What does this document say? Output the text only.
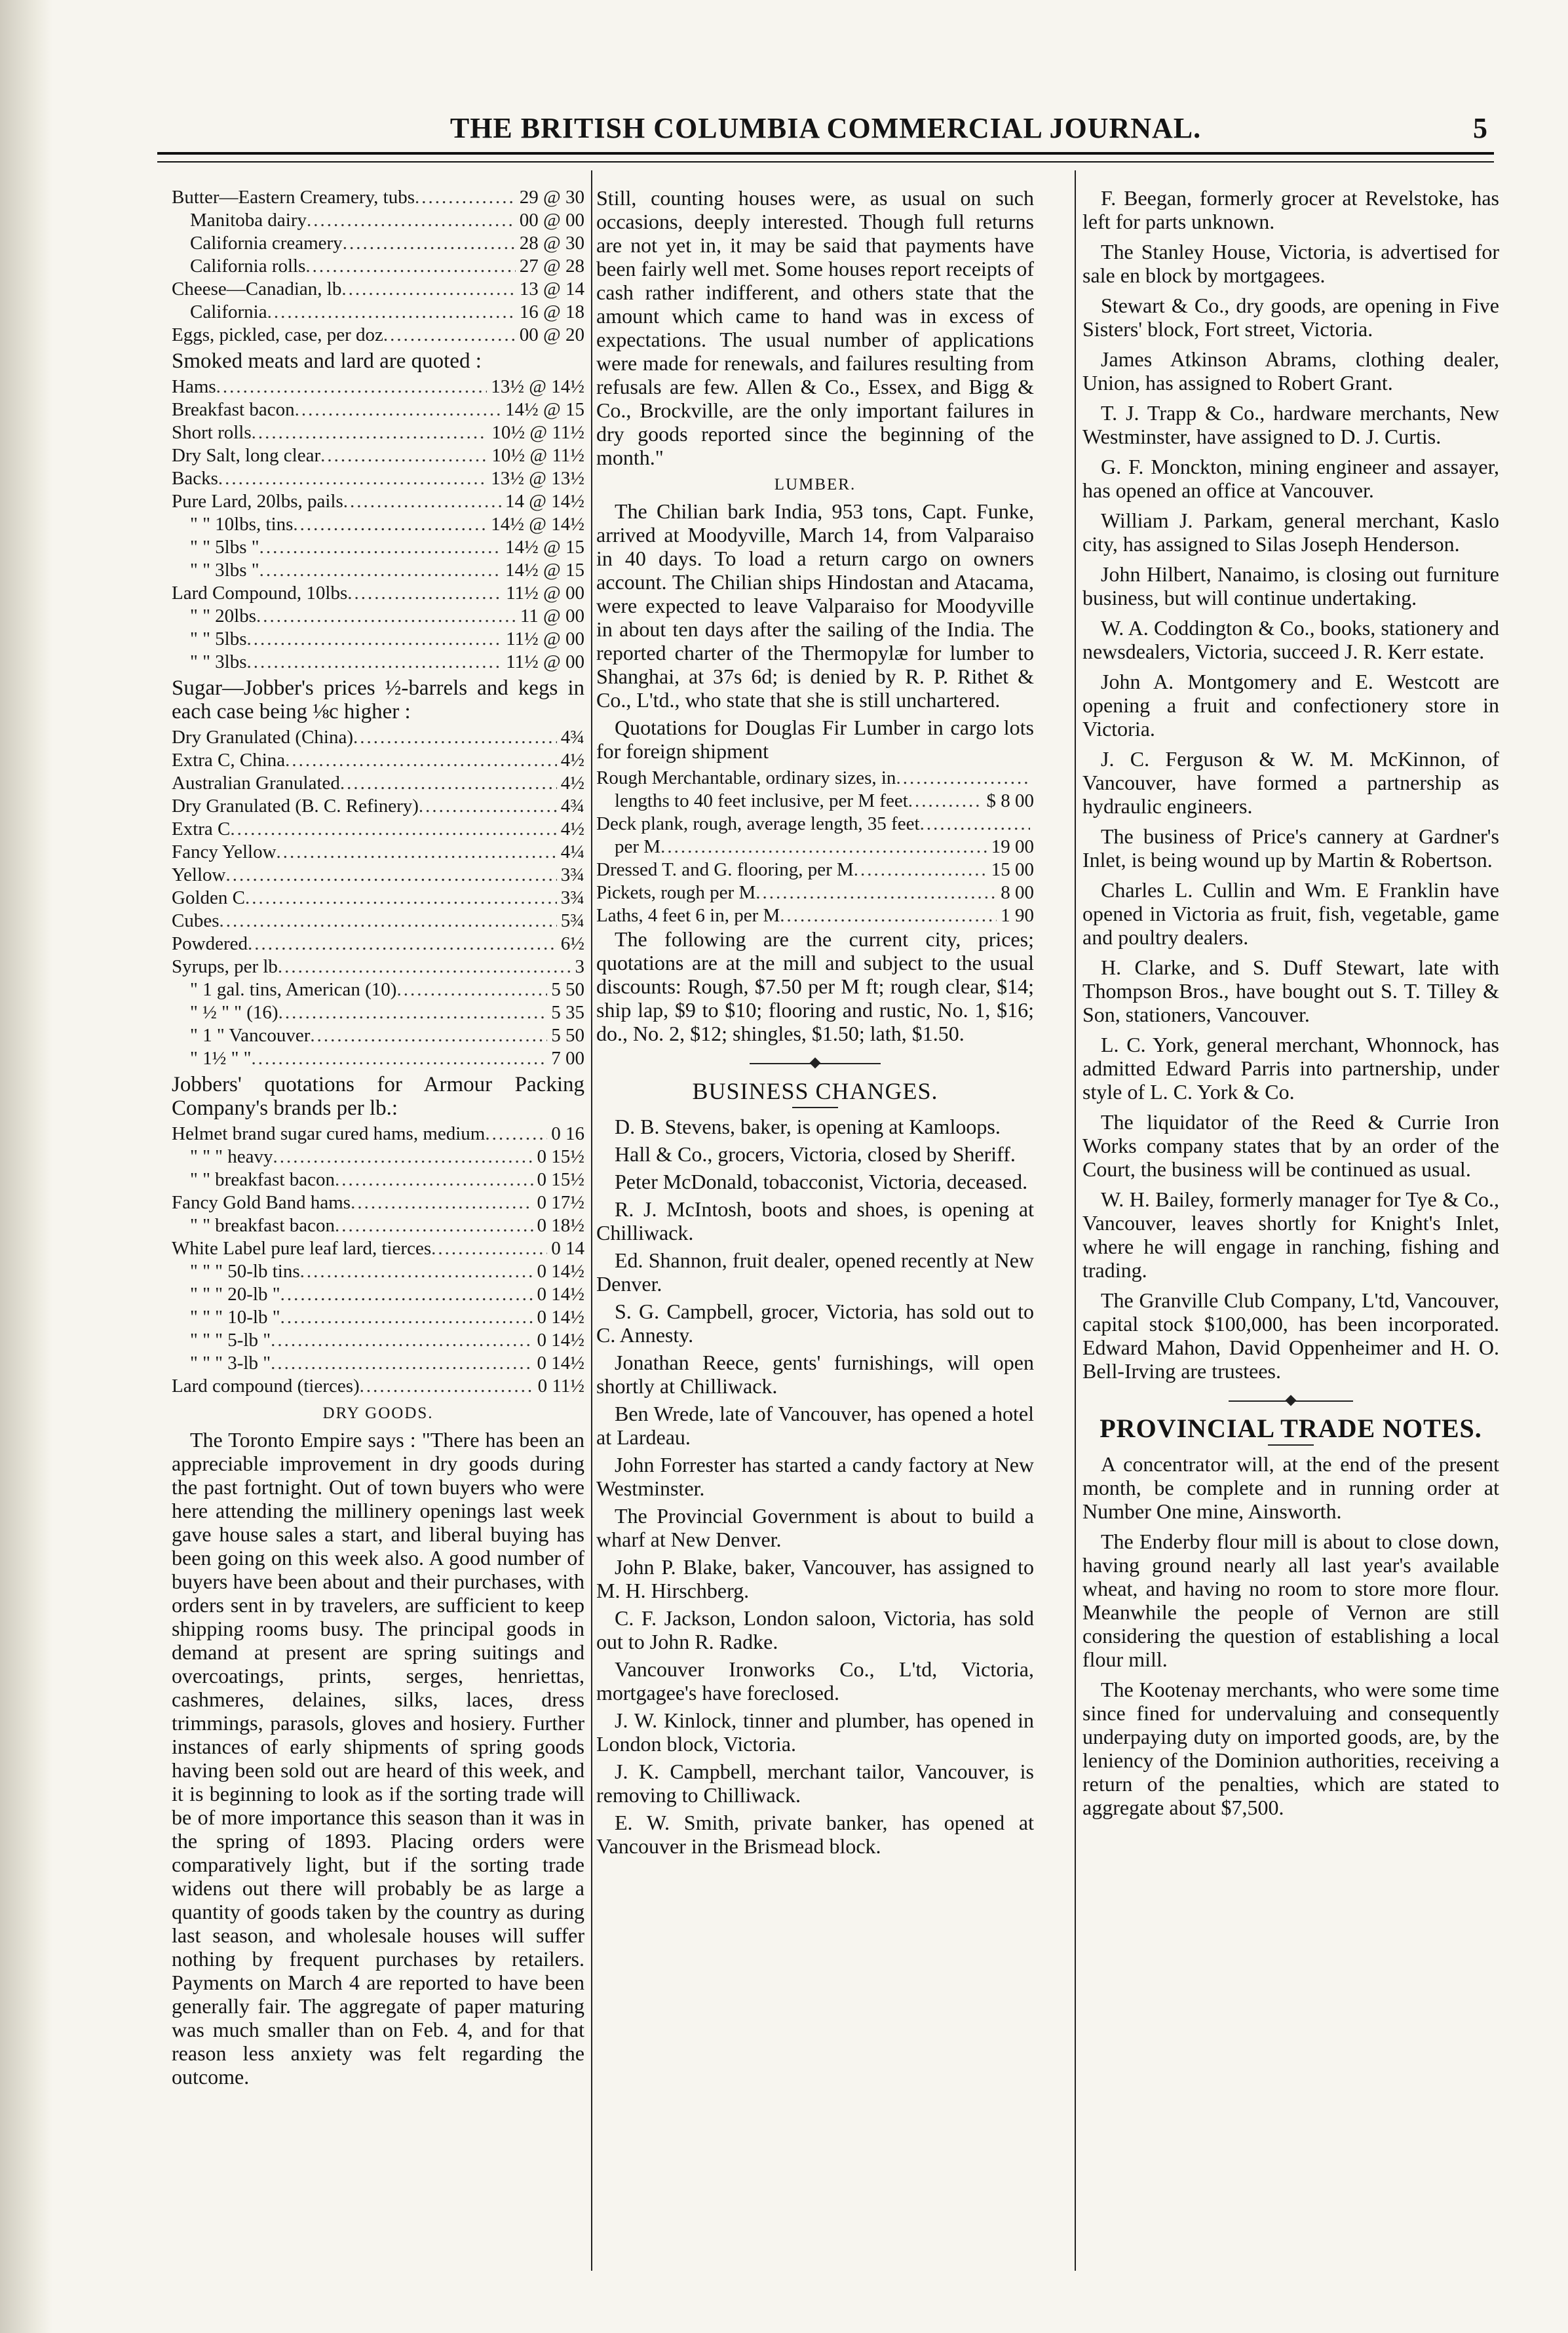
THE BRITISH COLUMBIA COMMERCIAL JOURNAL.	5
Butter—Eastern Creamery, tubs .....	29 @ 30
Manitoba dairy .....	00 @ 00
California creamery .....	28 @ 30
California rolls .....	27 @ 28
Cheese—Canadian, lb .....	13 @ 14
California .....	16 @ 18
Eggs, pickled, case, per doz .....	00 @ 20
Smoked meats and lard are quoted :
Hams .....	13½ @ 14½
Breakfast bacon .....	14½ @ 15
Short rolls .....	10½ @ 11½
Dry Salt, long clear .....	10½ @ 11½
Backs .....	13½ @ 13½
Pure Lard, 20lbs, pails .....	14 @ 14½
" " 10lbs, tins .....	14½ @ 14½
" " 5lbs " .....	14½ @ 15
" " 3lbs " .....	14½ @ 15
Lard Compound, 10lbs .....	11½ @ 00
" " 20lbs .....	11 @ 00
" " 5lbs .....	11½ @ 00
" " 3lbs .....	11½ @ 00

Sugar—Jobber's prices ½-barrels and kegs in each case being ⅛c higher :

Dry Granulated (China) .....	4¾
Extra C, China .....	4½
Australian Granulated .....	4½
Dry Granulated (B. C. Refinery) .....	4¾
Extra C .....	4½
Fancy Yellow .....	4¼
Yellow .....	3¾
Golden C .....	3¾
Cubes .....	5¾
Powdered .....	6½
Syrups, per lb .....	3
" 1 gal. tins, American (10) .....	5 50
" ½ " " (16) .....	5 35
" 1 " Vancouver .....	5 50
" 1½ " " .....	7 00

Jobbers' quotations for Armour Packing Company's brands per lb.:

Helmet brand sugar cured hams, medium .....	0 16
" " " heavy .....	0 15½
" " breakfast bacon .....	0 15½
Fancy Gold Band hams .....	0 17½
" " breakfast bacon .....	0 18½
White Label pure leaf lard, tierces .....	0 14
" " " 50-lb tins .....	0 14½
" " " 20-lb " .....	0 14½
" " " 10-lb " .....	0 14½
" " " 5-lb " .....	0 14½
" " " 3-lb " .....	0 14½
Lard compound (tierces) .....	0 11½
DRY GOODS.

The Toronto Empire says : "There has been an appreciable improvement in dry goods during the past fortnight. Out of town buyers who were here attending the millinery openings last week gave house sales a start, and liberal buying has been going on this week also. A good number of buyers have been about and their purchases, with orders sent in by travelers, are sufficient to keep shipping rooms busy. The principal goods in demand at present are spring suitings and overcoatings, prints, serges, henriettas, cashmeres, delaines, silks, laces, dress trimmings, parasols, gloves and hosiery. Further instances of early shipments of spring goods having been sold out are heard of this week, and it is beginning to look as if the sorting trade will be of more importance this season than it was in the spring of 1893. Placing orders were comparatively light, but if the sorting trade widens out there will probably be as large a quantity of goods taken by the country as during last season, and wholesale houses will suffer nothing by frequent purchases by retailers. Payments on March 4 are reported to have been generally fair. The aggregate of paper maturing was much smaller than on Feb. 4, and for that reason less anxiety was felt regarding the outcome.

Still, counting houses were, as usual on such occasions, deeply interested. Though full returns are not yet in, it may be said that payments have been fairly well met. Some houses report receipts of cash rather indifferent, and others state that the amount which came to hand was in excess of expectations. The usual number of applications were made for renewals, and failures resulting from refusals are few. Allen & Co., Essex, and Bigg & Co., Brockville, are the only important failures in dry goods reported since the beginning of the month."

LUMBER.

The Chilian bark India, 953 tons, Capt. Funke, arrived at Moodyville, March 14, from Valparaiso in 40 days. To load a return cargo on owners account. The Chilian ships Hindostan and Atacama, were expected to leave Valparaiso for Moodyville in about ten days after the sailing of the India. The reported charter of the Thermopylæ for lumber to Shanghai, at 37s 6d; is denied by R. P. Rithet & Co., L'td., who state that she is still unchartered.

Quotations for Douglas Fir Lumber in cargo lots for foreign shipment

Rough Merchantable, ordinary sizes, in
.....
lengths to 40 feet inclusive, per M feet .....	$ 8 00
Deck plank, rough, average length, 35 feet
.....
per M .....	19 00
Dressed T. and G. flooring, per M .....	15 00
Pickets, rough per M .....	8 00
Laths, 4 feet 6 in, per M .....	1 90

The following are the current city, prices; quotations are at the mill and subject to the usual discounts: Rough, $7.50 per M ft; rough clear, $14; ship lap, $9 to $10; flooring and rustic, No. 1, $16; do., No. 2, $12; shingles, $1.50; lath, $1.50.

BUSINESS CHANGES.

D. B. Stevens, baker, is opening at Kamloops.

Hall & Co., grocers, Victoria, closed by Sheriff.

Peter McDonald, tobacconist, Victoria, deceased.

R. J. McIntosh, boots and shoes, is opening at Chilliwack.

Ed. Shannon, fruit dealer, opened recently at New Denver.

S. G. Campbell, grocer, Victoria, has sold out to C. Annesty.

Jonathan Reece, gents' furnishings, will open shortly at Chilliwack.

Ben Wrede, late of Vancouver, has opened a hotel at Lardeau.

John Forrester has started a candy factory at New Westminster.

The Provincial Government is about to build a wharf at New Denver.

John P. Blake, baker, Vancouver, has assigned to M. H. Hirschberg.

C. F. Jackson, London saloon, Victoria, has sold out to John R. Radke.

Vancouver Ironworks Co., L'td, Victoria, mortgagee's have foreclosed.

J. W. Kinlock, tinner and plumber, has opened in London block, Victoria.

J. K. Campbell, merchant tailor, Vancouver, is removing to Chilliwack.

E. W. Smith, private banker, has opened at Vancouver in the Brismead block.

F. Beegan, formerly grocer at Revelstoke, has left for parts unknown.

The Stanley House, Victoria, is advertised for sale en block by mortgagees.

Stewart & Co., dry goods, are opening in Five Sisters' block, Fort street, Victoria.

James Atkinson Abrams, clothing dealer, Union, has assigned to Robert Grant.

T. J. Trapp & Co., hardware merchants, New Westminster, have assigned to D. J. Curtis.

G. F. Monckton, mining engineer and assayer, has opened an office at Vancouver.

William J. Parkam, general merchant, Kaslo city, has assigned to Silas Joseph Henderson.

John Hilbert, Nanaimo, is closing out furniture business, but will continue undertaking.

W. A. Coddington & Co., books, stationery and newsdealers, Victoria, succeed J. R. Kerr estate.

John A. Montgomery and E. Westcott are opening a fruit and confectionery store in Victoria.

J. C. Ferguson & W. M. McKinnon, of Vancouver, have formed a partnership as hydraulic engineers.

The business of Price's cannery at Gardner's Inlet, is being wound up by Martin & Robertson.

Charles L. Cullin and Wm. E Franklin have opened in Victoria as fruit, fish, vegetable, game and poultry dealers.

H. Clarke, and S. Duff Stewart, late with Thompson Bros., have bought out S. T. Tilley & Son, stationers, Vancouver.

L. C. York, general merchant, Whonnock, has admitted Edward Parris into partnership, under style of L. C. York & Co.

The liquidator of the Reed & Currie Iron Works company states that by an order of the Court, the business will be continued as usual.

W. H. Bailey, formerly manager for Tye & Co., Vancouver, leaves shortly for Knight's Inlet, where he will engage in ranching, fishing and trading.

The Granville Club Company, L'td, Vancouver, capital stock $100,000, has been incorporated. Edward Mahon, David Oppenheimer and H. O. Bell-Irving are trustees.

PROVINCIAL TRADE NOTES.

A concentrator will, at the end of the present month, be complete and in running order at Number One mine, Ainsworth.

The Enderby flour mill is about to close down, having ground nearly all last year's available wheat, and having no room to store more flour. Meanwhile the people of Vernon are still considering the question of establishing a local flour mill.

The Kootenay merchants, who were some time since fined for undervaluing and consequently underpaying duty on imported goods, are, by the leniency of the Dominion authorities, receiving a return of the penalties, which are stated to aggregate about $7,500.
